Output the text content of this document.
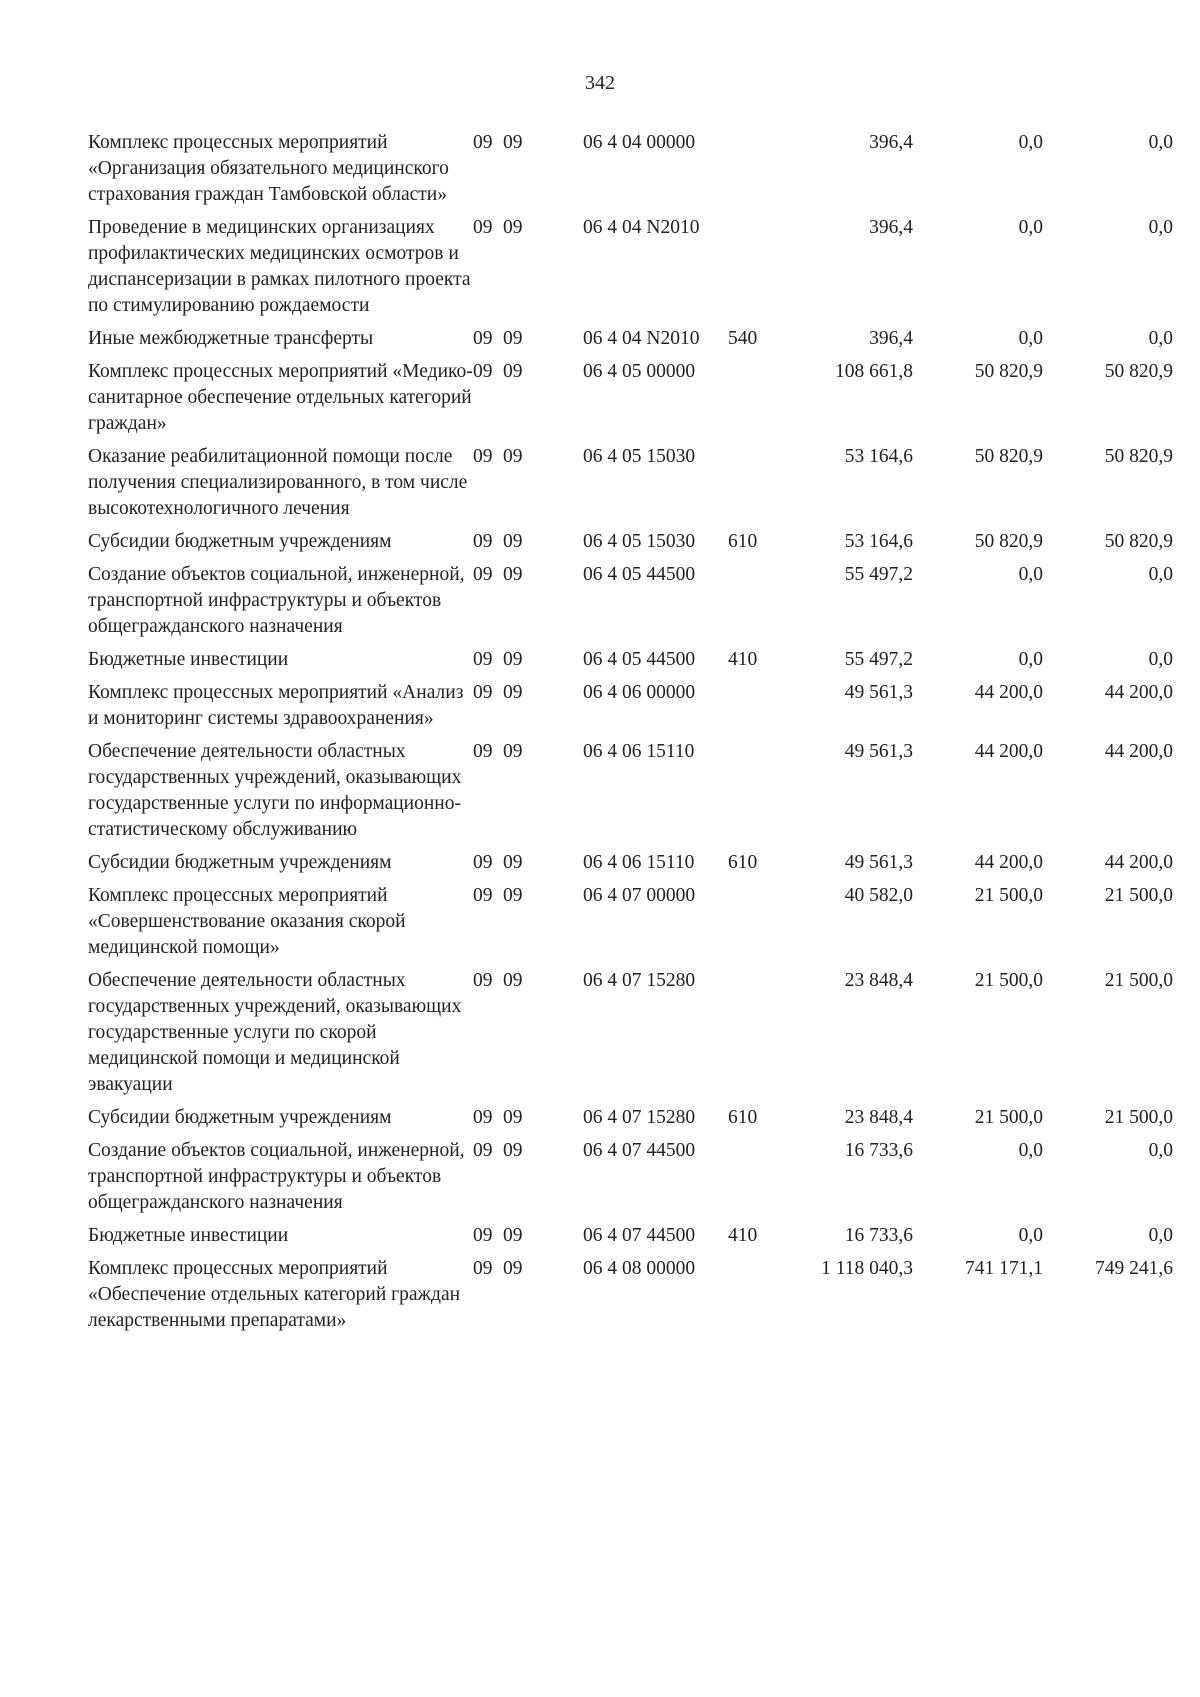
342
Комплекс процессных мероприятий «Организация обязательного медицинского страхования граждан Тамбовской области»	09	09	06 4 04 00000		396,4	0,0	0,0
Проведение в медицинских организациях профилактических медицинских осмотров и диспансеризации в рамках пилотного проекта по стимулированию рождаемости	09	09	06 4 04 N2010		396,4	0,0	0,0
Иные межбюджетные трансферты	09	09	06 4 04 N2010	540	396,4	0,0	0,0
Комплекс процессных мероприятий «Медико-санитарное обеспечение отдельных категорий граждан»	09	09	06 4 05 00000		108 661,8	50 820,9	50 820,9
Оказание реабилитационной помощи после получения специализированного, в том числе высокотехнологичного лечения	09	09	06 4 05 15030		53 164,6	50 820,9	50 820,9
Субсидии бюджетным учреждениям	09	09	06 4 05 15030	610	53 164,6	50 820,9	50 820,9
Создание объектов социальной, инженерной, транспортной инфраструктуры и объектов общегражданского назначения	09	09	06 4 05 44500		55 497,2	0,0	0,0
Бюджетные инвестиции	09	09	06 4 05 44500	410	55 497,2	0,0	0,0
Комплекс процессных мероприятий «Анализ и мониторинг системы здравоохранения»	09	09	06 4 06 00000		49 561,3	44 200,0	44 200,0
Обеспечение деятельности областных государственных учреждений, оказывающих государственные услуги по информационно-статистическому обслуживанию	09	09	06 4 06 15110		49 561,3	44 200,0	44 200,0
Субсидии бюджетным учреждениям	09	09	06 4 06 15110	610	49 561,3	44 200,0	44 200,0
Комплекс процессных мероприятий «Совершенствование оказания скорой медицинской помощи»	09	09	06 4 07 00000		40 582,0	21 500,0	21 500,0
Обеспечение деятельности областных государственных учреждений, оказывающих государственные услуги по скорой медицинской помощи и медицинской эвакуации	09	09	06 4 07 15280		23 848,4	21 500,0	21 500,0
Субсидии бюджетным учреждениям	09	09	06 4 07 15280	610	23 848,4	21 500,0	21 500,0
Создание объектов социальной, инженерной, транспортной инфраструктуры и объектов общегражданского назначения	09	09	06 4 07 44500		16 733,6	0,0	0,0
Бюджетные инвестиции	09	09	06 4 07 44500	410	16 733,6	0,0	0,0
Комплекс процессных мероприятий «Обеспечение отдельных категорий граждан лекарственными препаратами»	09	09	06 4 08 00000		1 118 040,3	741 171,1	749 241,6
